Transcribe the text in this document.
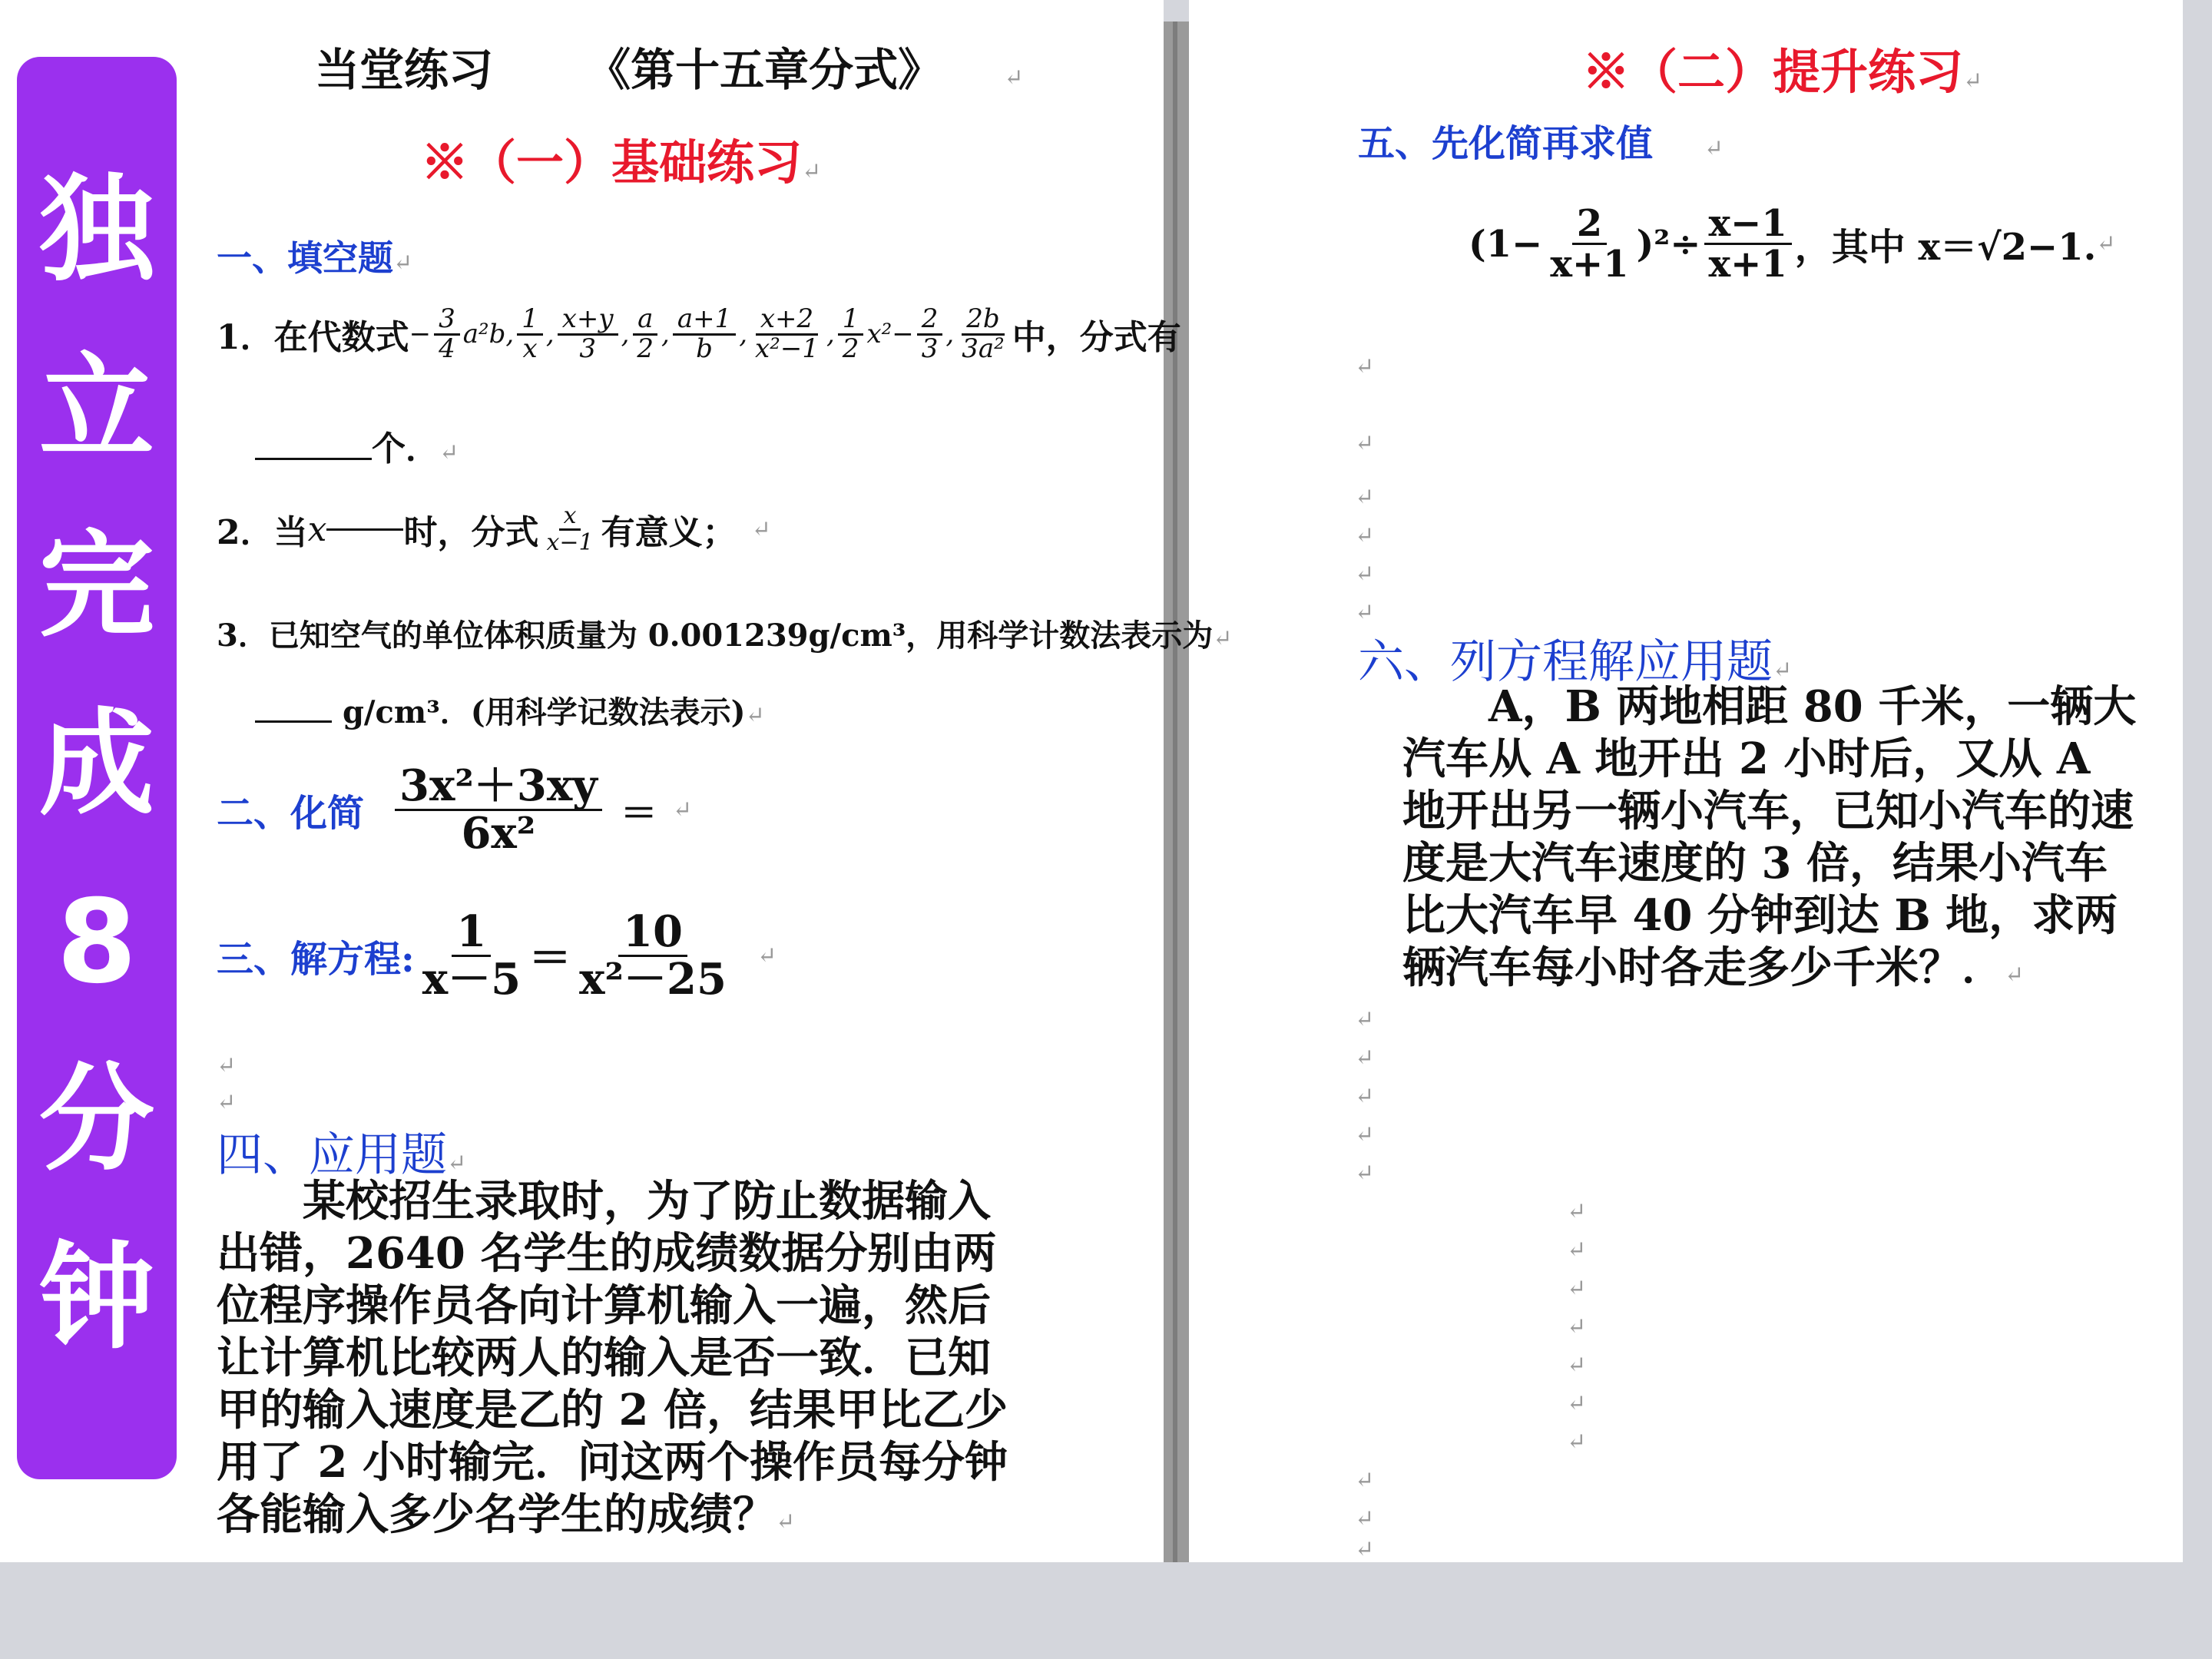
独
立
完
成
8
分
钟
当堂练习      《第十五章分式》	↵
※（一）基础练习↵
一、填空题↵
1．在代数式 − $\frac{3}{4} a^2b$, $\frac{1}{x}$ , $\frac{x+y}{3}$ , $\frac{a}{2}$ , $\frac{a+1}{b}$ , $\frac{x+2}{\text{x²−1}}$ , $\frac{1}{2} x^2- \frac{2}{3}$ , $\frac{2b}{\text{3a²}}$ 中，分式有
个．↵
2．当 x 时，分式 $\frac{x}{x-1}$ 有意义； ↵
3．已知空气的单位体积质量为 0.001239g/cm³，用科学计数法表示为↵
g/cm³．(用科学记数法表示)↵
二、化简 $\frac{\text{3x²＋3xy}}{\text{6x²}}$ ＝ ↵
三、解方程: $\frac{1}{x-5} = \frac{10}{\text{x²－25}}$ ↵
↵
↵
四、应用题↵
　　某校招生录取时，为了防止数据输入出错，2640 名学生的成绩数据分别由两位程序操作员各向计算机输入一遍，然后让计算机比较两人的输入是否一致．已知甲的输入速度是乙的 2 倍，结果甲比乙少用了 2 小时输完．问这两个操作员每分钟各能输入多少名学生的成绩？↵
※（二）提升练习↵
五、先化简再求值 ↵
$(1- \frac{2}{x+1} )^2\div \frac{x-1}{x+1}$ ，其中 x＝√2−1. ↵
↵
↵
↵
↵
↵
↵
六、列方程解应用题↵
　　A，B 两地相距 80 千米，一辆大汽车从 A 地开出 2 小时后，又从 A 地开出另一辆小汽车，已知小汽车的速度是大汽车速度的 3 倍，结果小汽车比大汽车早 40 分钟到达 B 地，求两辆汽车每小时各走多少千米？．↵
↵
↵
↵
↵
↵
↵
↵
↵
↵
↵
↵
↵
↵
↵
↵
